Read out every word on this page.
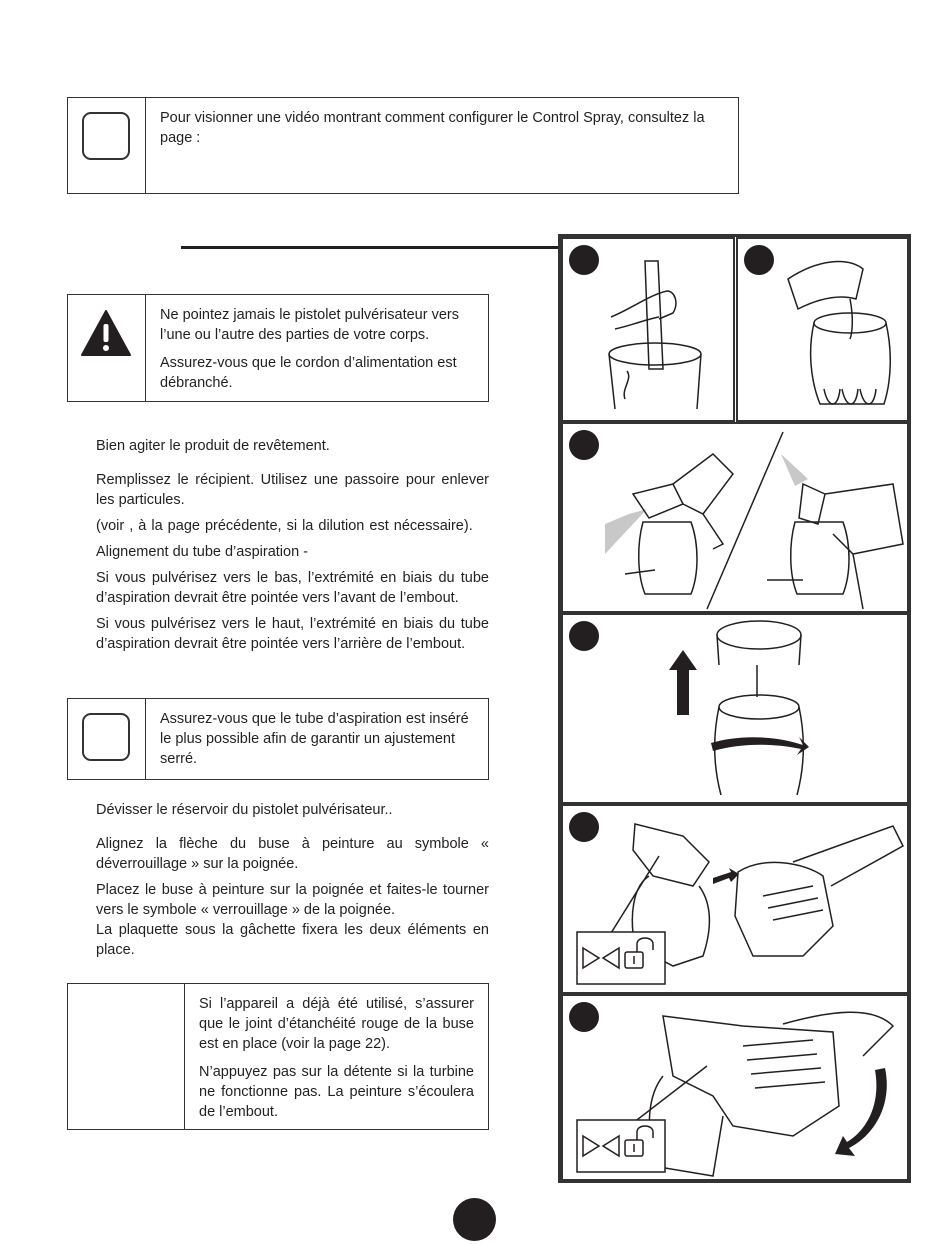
Pour visionner une vidéo montrant comment configurer le Control Spray, consultez la page :

Ne pointez jamais le pistolet pulvérisateur vers l’une ou l’autre des parties de votre corps.

Assurez-vous que le cordon d’alimentation est débranché.

Bien agiter le produit de revêtement.

Remplissez le récipient. Utilisez une passoire pour enlever les particules.

(voir , à la page précédente, si la dilution est nécessaire).

Alignement du tube d’aspiration -

Si vous pulvérisez vers le bas, l’extrémité en biais du tube d’aspiration devrait être pointée vers l’avant de l’embout.

Si vous pulvérisez vers le haut, l’extrémité en biais du tube d’aspiration devrait être pointée vers l’arrière de l’embout.

Assurez-vous que le tube d’aspiration est inséré le plus possible afin de garantir un ajustement serré.

Dévisser le réservoir du pistolet pulvérisateur..

Alignez la flèche du buse à peinture au symbole « déverrouillage » sur la poignée.

Placez le buse à peinture sur la poignée et faites-le tourner vers le symbole « verrouillage » de la poignée.

La plaquette sous la gâchette fixera les deux éléments en place.

Si l’appareil a déjà été utilisé, s’assurer que le joint d’étanchéité rouge de la buse est en place (voir la page 22).

N’appuyez pas sur la détente si la turbine ne fonctionne pas. La peinture s’écoulera de l’embout.
